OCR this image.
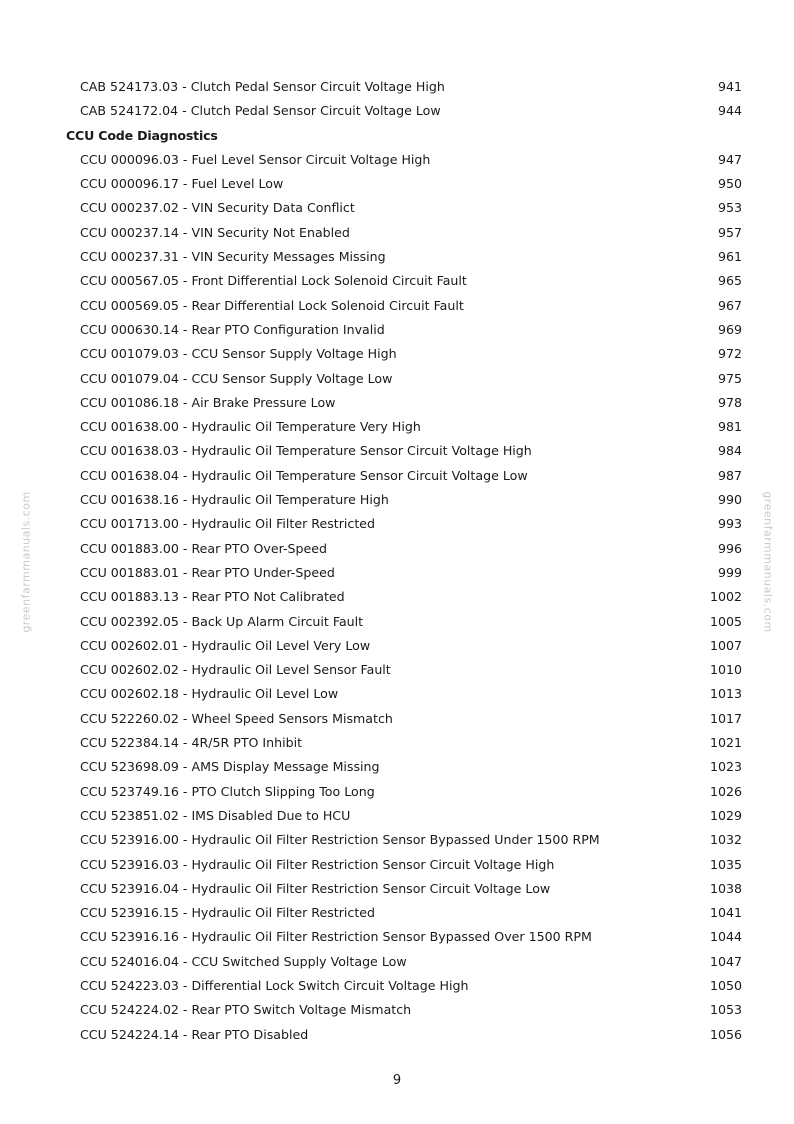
greenfarmmanuals.com	greenfarmmanuals.com
CAB 524173.03 - Clutch Pedal Sensor Circuit Voltage High	941
CAB 524172.04 - Clutch Pedal Sensor Circuit Voltage Low	944
CCU Code Diagnostics
CCU 000096.03 - Fuel Level Sensor Circuit Voltage High	947
CCU 000096.17 - Fuel Level Low	950
CCU 000237.02 - VIN Security Data Conflict	953
CCU 000237.14 - VIN Security Not Enabled	957
CCU 000237.31 - VIN Security Messages Missing	961
CCU 000567.05 - Front Differential Lock Solenoid Circuit Fault	965
CCU 000569.05 - Rear Differential Lock Solenoid Circuit Fault	967
CCU 000630.14 - Rear PTO Configuration Invalid	969
CCU 001079.03 - CCU Sensor Supply Voltage High	972
CCU 001079.04 - CCU Sensor Supply Voltage Low	975
CCU 001086.18 - Air Brake Pressure Low	978
CCU 001638.00 - Hydraulic Oil Temperature Very High	981
CCU 001638.03 - Hydraulic Oil Temperature Sensor Circuit Voltage High	984
CCU 001638.04 - Hydraulic Oil Temperature Sensor Circuit Voltage Low	987
CCU 001638.16 - Hydraulic Oil Temperature High	990
CCU 001713.00 - Hydraulic Oil Filter Restricted	993
CCU 001883.00 - Rear PTO Over-Speed	996
CCU 001883.01 - Rear PTO Under-Speed	999
CCU 001883.13 - Rear PTO Not Calibrated	1002
CCU 002392.05 - Back Up Alarm Circuit Fault	1005
CCU 002602.01 - Hydraulic Oil Level Very Low	1007
CCU 002602.02 - Hydraulic Oil Level Sensor Fault	1010
CCU 002602.18 - Hydraulic Oil Level Low	1013
CCU 522260.02 - Wheel Speed Sensors Mismatch	1017
CCU 522384.14 - 4R/5R PTO Inhibit	1021
CCU 523698.09 - AMS Display Message Missing	1023
CCU 523749.16 - PTO Clutch Slipping Too Long	1026
CCU 523851.02 - IMS Disabled Due to HCU	1029
CCU 523916.00 - Hydraulic Oil Filter Restriction Sensor Bypassed Under 1500 RPM	1032
CCU 523916.03 - Hydraulic Oil Filter Restriction Sensor Circuit Voltage High	1035
CCU 523916.04 - Hydraulic Oil Filter Restriction Sensor Circuit Voltage Low	1038
CCU 523916.15 - Hydraulic Oil Filter Restricted	1041
CCU 523916.16 - Hydraulic Oil Filter Restriction Sensor Bypassed Over 1500 RPM	1044
CCU 524016.04 - CCU Switched Supply Voltage Low	1047
CCU 524223.03 - Differential Lock Switch Circuit Voltage High	1050
CCU 524224.02 - Rear PTO Switch Voltage Mismatch	1053
CCU 524224.14 - Rear PTO Disabled	1056
9
